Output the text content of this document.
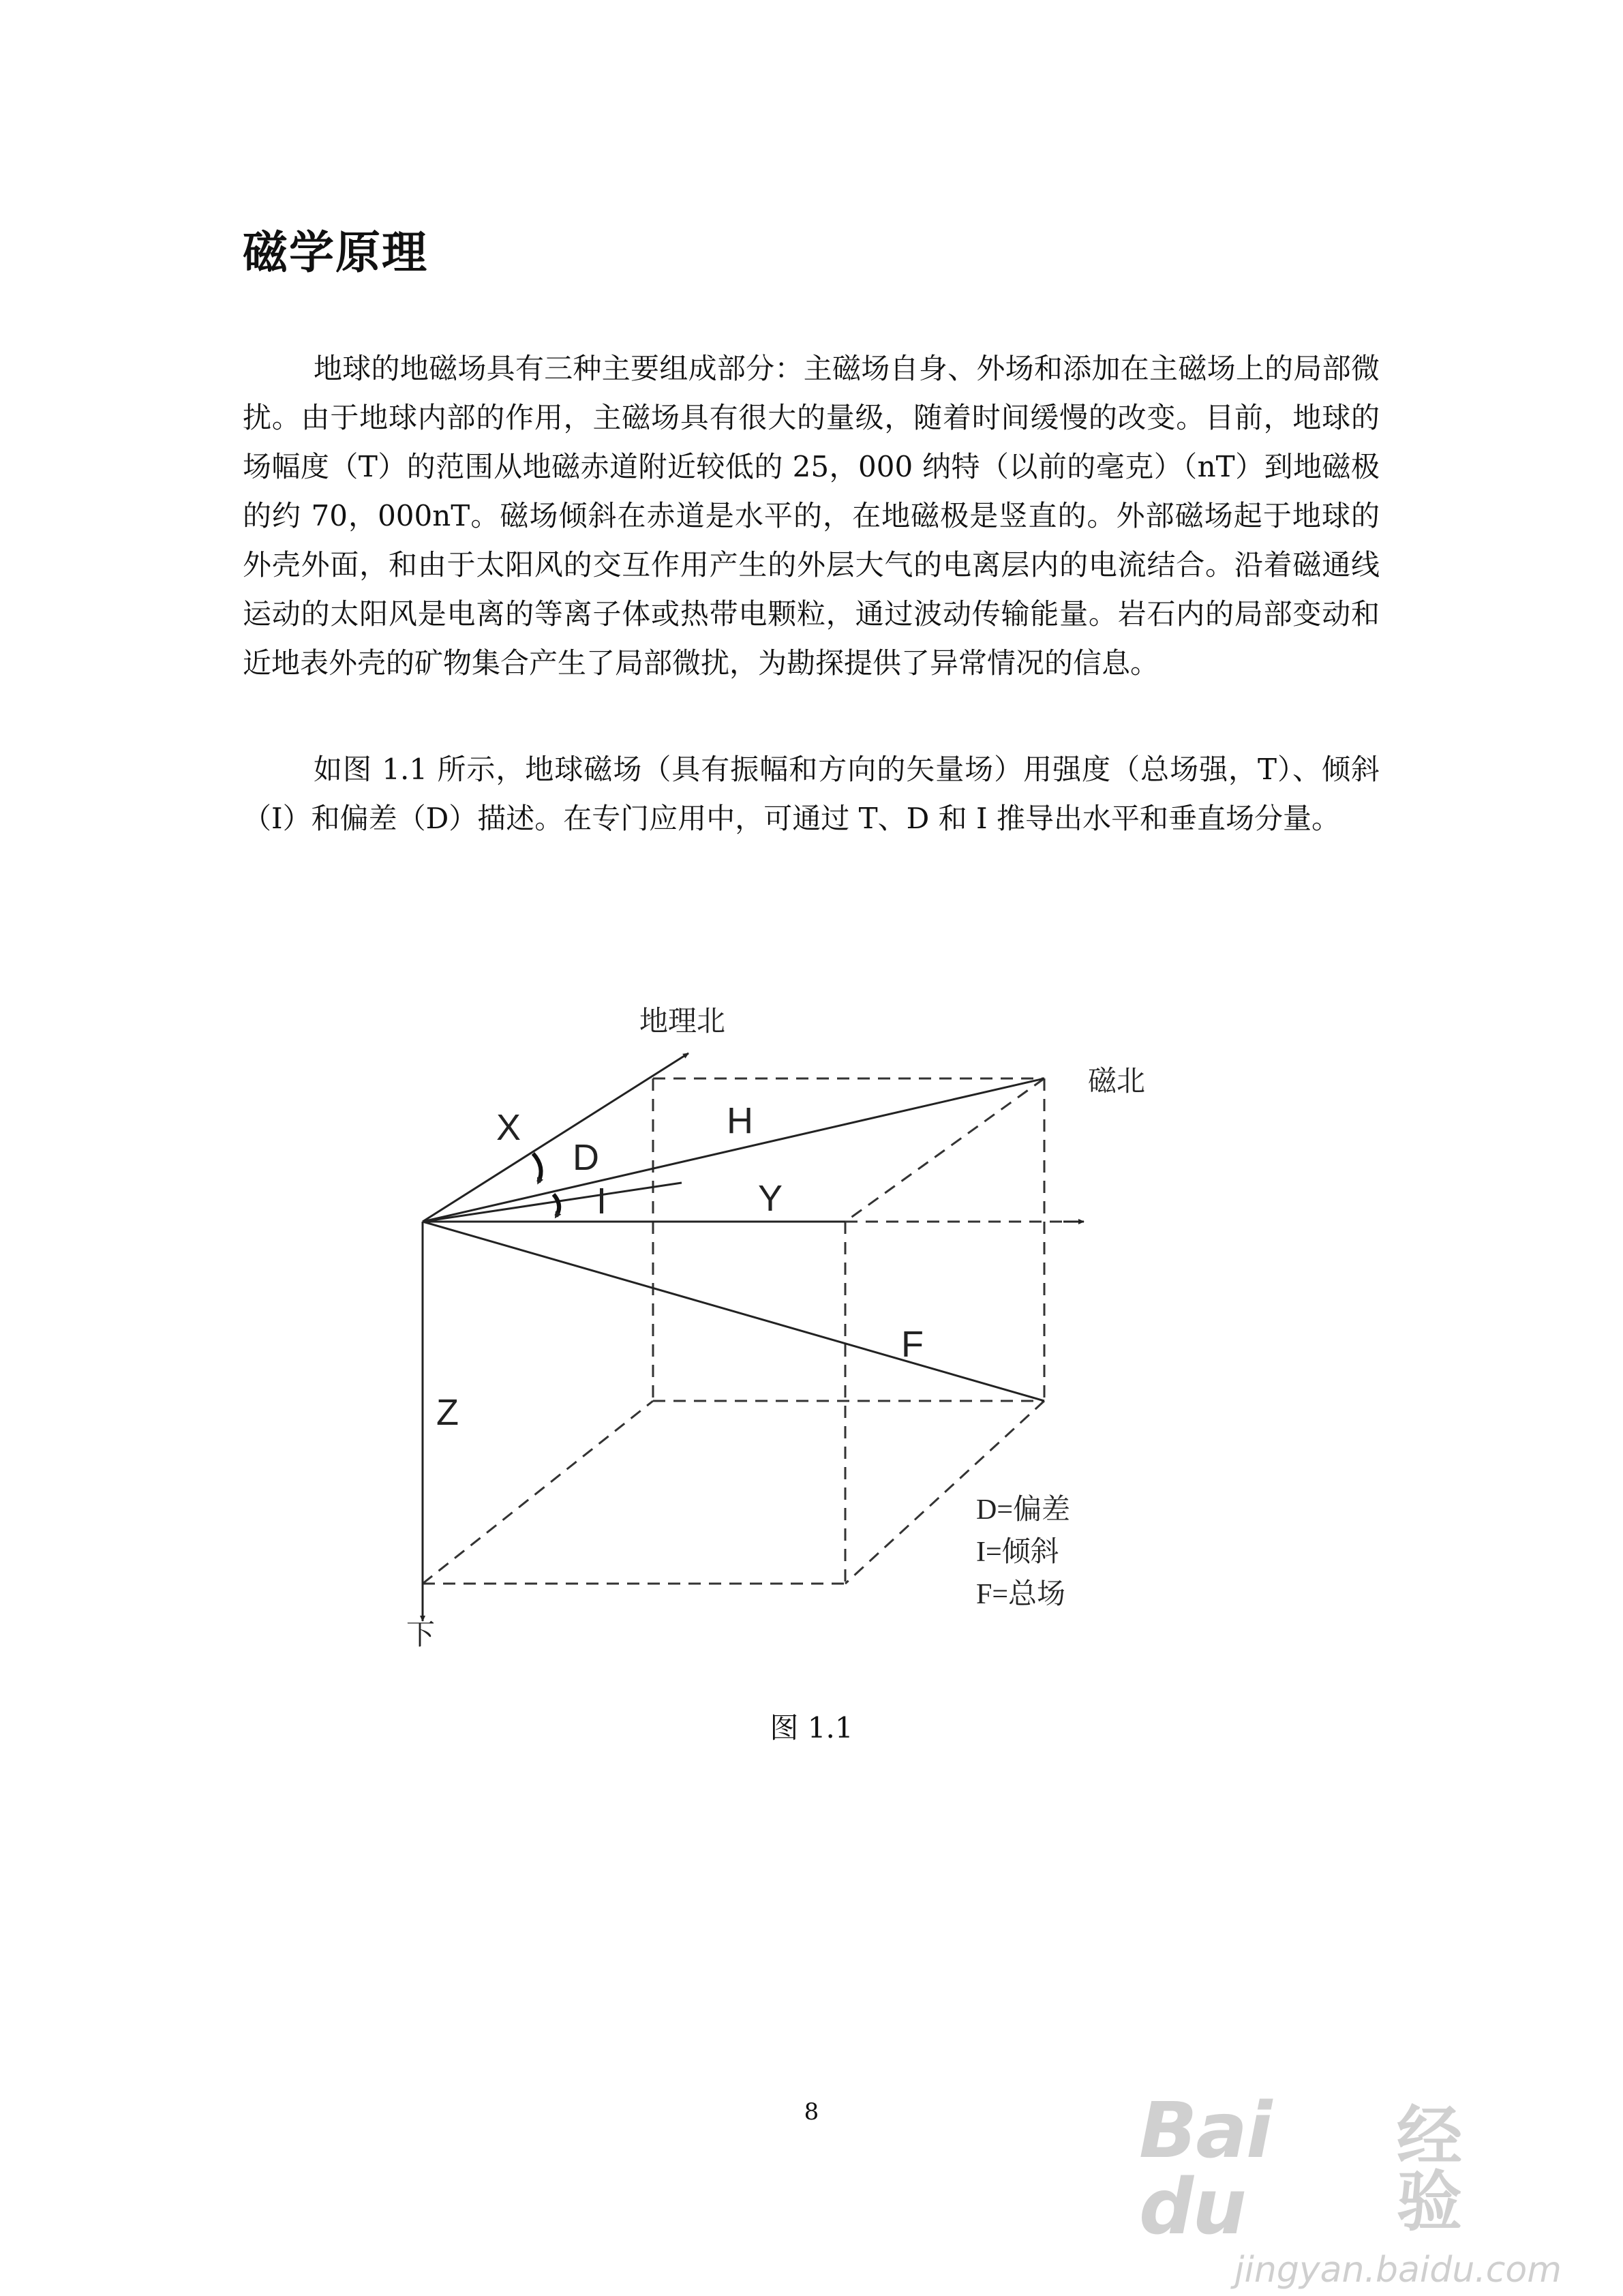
磁学原理

地球的地磁场具有三种主要组成部分：主磁场自身、外场和添加在主磁场上的局部微扰。由于地球内部的作用，主磁场具有很大的量级，随着时间缓慢的改变。目前，地球的场幅度（T）的范围从地磁赤道附近较低的 25，000 纳特（以前的毫克）（nT）到地磁极的约 70，000nT。磁场倾斜在赤道是水平的，在地磁极是竖直的。外部磁场起于地球的外壳外面，和由于太阳风的交互作用产生的外层大气的电离层内的电流结合。沿着磁通线运动的太阳风是电离的等离子体或热带电颗粒，通过波动传输能量。岩石内的局部变动和近地表外壳的矿物集合产生了局部微扰，为勘探提供了异常情况的信息。

如图 1.1 所示，地球磁场（具有振幅和方向的矢量场）用强度（总场强，T）、倾斜（I）和偏差（D）描述。在专门应用中，可通过 T、D 和 I 推导出水平和垂直场分量。

X
D
H
I	Y
F
Z
地理北
磁北
下
D=偏差
I=倾斜
F=总场

图 1.1

8	Bai du
经验
jingyan.baidu.com
